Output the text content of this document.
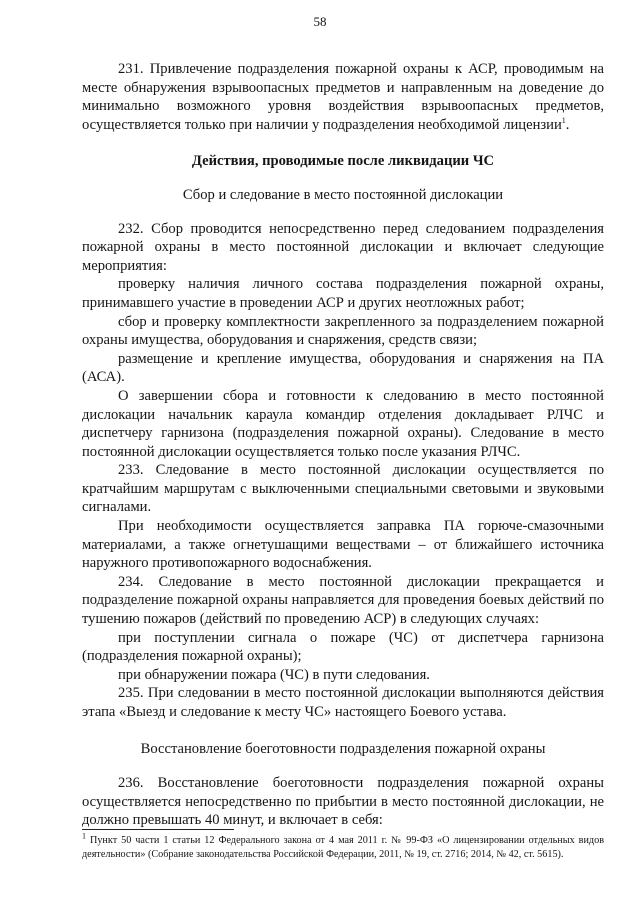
58

231. Привлечение подразделения пожарной охраны к АСР, проводимым на месте обнаружения взрывоопасных предметов и направленным на доведение до минимально возможного уровня воздействия взрывоопасных предметов, осуществляется только при наличии у подразделения необходимой лицензии$^1$.

Действия, проводимые после ликвидации ЧС

Сбор и следование в место постоянной дислокации

232. Сбор проводится непосредственно перед следованием подразделения пожарной охраны в место постоянной дислокации и включает следующие мероприятия:

проверку наличия личного состава подразделения пожарной охраны, принимавшего участие в проведении АСР и других неотложных работ;

сбор и проверку комплектности закрепленного за подразделением пожарной охраны имущества, оборудования и снаряжения, средств связи;

размещение и крепление имущества, оборудования и снаряжения на ПА (АСА).

О завершении сбора и готовности к следованию в место постоянной дислокации начальник караула командир отделения докладывает РЛЧС и диспетчеру гарнизона (подразделения пожарной охраны). Следование в место постоянной дислокации осуществляется только после указания РЛЧС.

233. Следование в место постоянной дислокации осуществляется по кратчайшим маршрутам с выключенными специальными световыми и звуковыми сигналами.

При необходимости осуществляется заправка ПА горюче-смазочными материалами, а также огнетушащими веществами – от ближайшего источника наружного противопожарного водоснабжения.

234. Следование в место постоянной дислокации прекращается и подразделение пожарной охраны направляется для проведения боевых действий по тушению пожаров (действий по проведению АСР) в следующих случаях:

при поступлении сигнала о пожаре (ЧС) от диспетчера гарнизона (подразделения пожарной охраны);

при обнаружении пожара (ЧС) в пути следования.

235. При следовании в место постоянной дислокации выполняются действия этапа «Выезд и следование к месту ЧС» настоящего Боевого устава.

Восстановление боеготовности подразделения пожарной охраны

236. Восстановление боеготовности подразделения пожарной охраны осуществляется непосредственно по прибытии в место постоянной дислокации, не должно превышать 40 минут, и включает в себя:

$^1$ Пункт 50 части 1 статьи 12 Федерального закона от 4 мая 2011 г. № 99-ФЗ «О лицензировании отдельных видов деятельности» (Собрание законодательства Российской Федерации, 2011, № 19, ст. 2716; 2014, № 42, ст. 5615).
